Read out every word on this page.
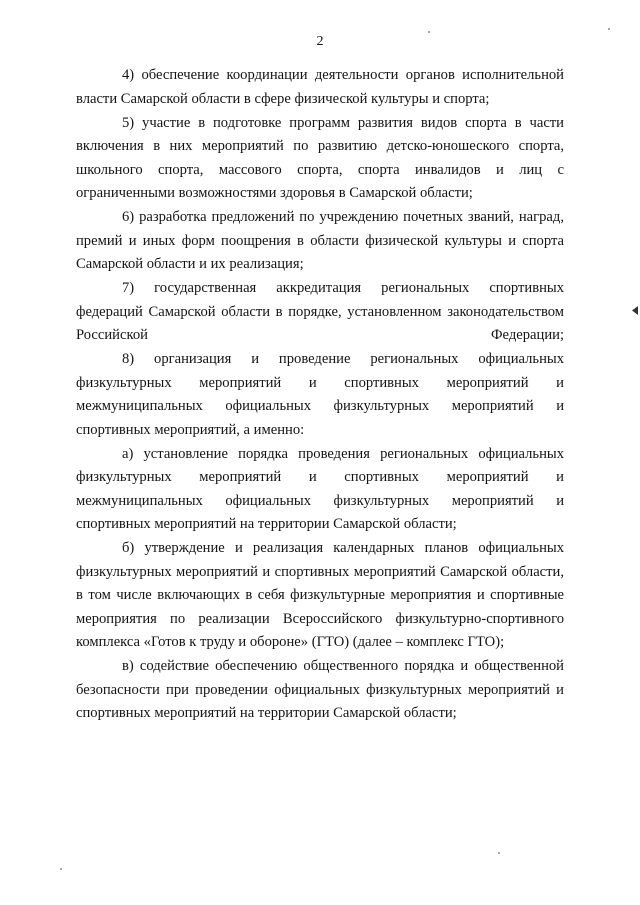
2

4) обеспечение координации деятельности органов исполнительной власти Самарской области в сфере физической культуры и спорта;

5) участие в подготовке программ развития видов спорта в части включения в них мероприятий по развитию детско-юношеского спорта, школьного спорта, массового спорта, спорта инвалидов и лиц с ограниченными возможностями здоровья в Самарской области;

6) разработка предложений по учреждению почетных званий, наград, премий и иных форм поощрения в области физической культуры и спорта Самарской области и их реализация;

7) государственная аккредитация региональных спортивных федераций Самарской области в порядке, установленном законодательством Российской Федерации;

8) организация и проведение региональных официальных физкультурных мероприятий и спортивных мероприятий и межмуниципальных официальных физкультурных мероприятий и спортивных мероприятий, а именно:

а) установление порядка проведения региональных официальных физкультурных мероприятий и спортивных мероприятий и межмуниципальных официальных физкультурных мероприятий и спортивных мероприятий на территории Самарской области;

б) утверждение и реализация календарных планов официальных физкультурных мероприятий и спортивных мероприятий Самарской области, в том числе включающих в себя физкультурные мероприятия и спортивные мероприятия по реализации Всероссийского физкультурно-спортивного комплекса «Готов к труду и обороне» (ГТО) (далее – комплекс ГТО);

в) содействие обеспечению общественного порядка и общественной безопасности при проведении официальных физкультурных мероприятий и спортивных мероприятий на территории Самарской области;
